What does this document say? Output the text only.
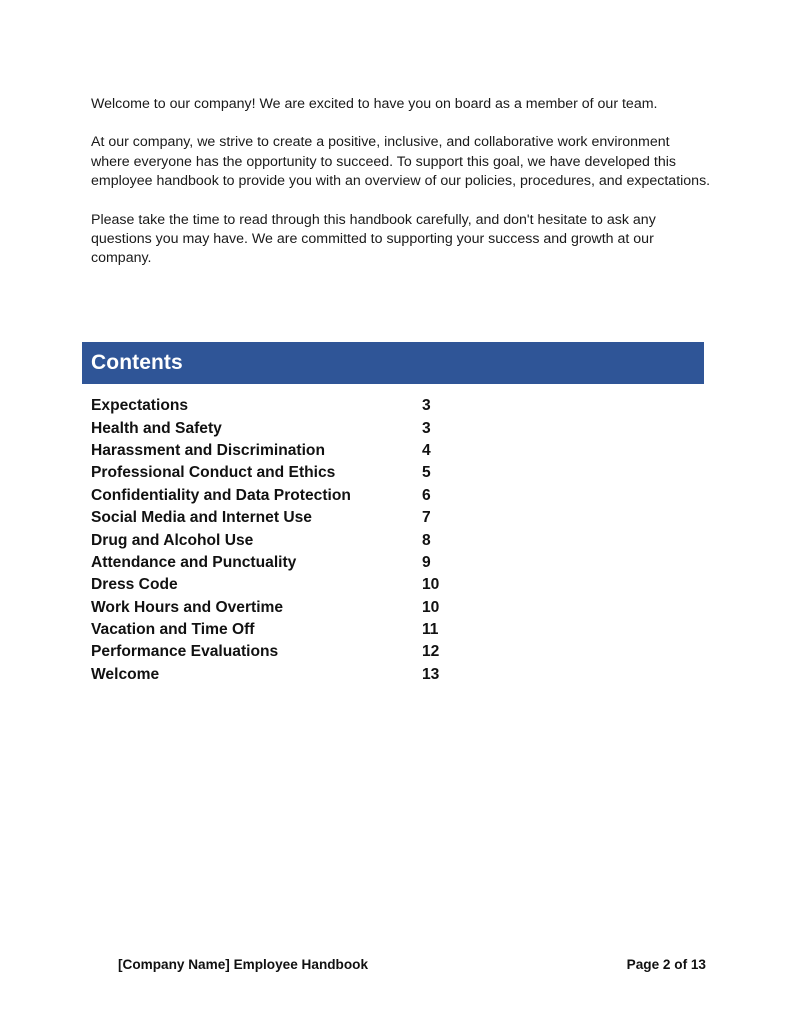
Welcome to our company! We are excited to have you on board as a member of our team.

At our company, we strive to create a positive, inclusive, and collaborative work environment where everyone has the opportunity to succeed. To support this goal, we have developed this employee handbook to provide you with an overview of our policies, procedures, and expectations.

Please take the time to read through this handbook carefully, and don't hesitate to ask any questions you may have. We are committed to supporting your success and growth at our company.

Contents
Expectations	3
Health and Safety	3
Harassment and Discrimination	4
Professional Conduct and Ethics	5
Confidentiality and Data Protection	6
Social Media and Internet Use	7
Drug and Alcohol Use	8
Attendance and Punctuality	9
Dress Code	10
Work Hours and Overtime	10
Vacation and Time Off	11
Performance Evaluations	12
Welcome	13
[Company Name] Employee Handbook	Page 2 of 13
